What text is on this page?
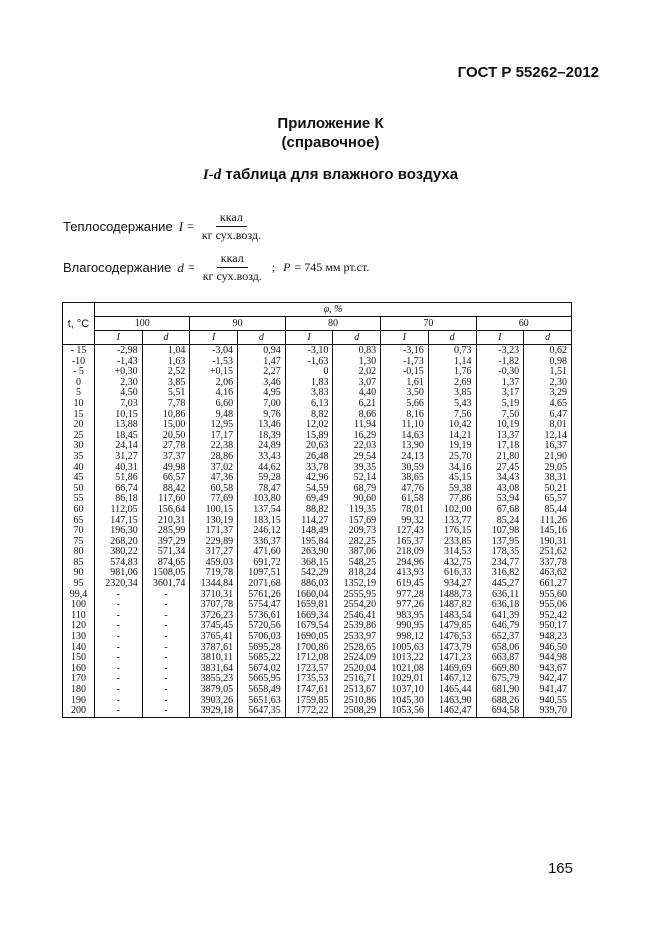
ГОСТ Р 55262–2012
Приложение К
(справочное)
I-d таблица для влажного воздуха
Теплосодержание $I = \frac{\text{ккал}}{\text{кг сух.возд.}}$
Влагосодержание $d = \frac{\text{ккал}}{\text{кг сух.возд.}}$ ; P = 745 мм рт.ст.
t, °C	φ, %									
	100		90		80		70		60	
	I	d	I	d	I	d	I	d	I	d
- 15	-2,98	1,04	-3,04	0,94	-3,10	0,83	-3,16	0,73	-3,23	0,62
-10	-1,43	1,63	-1,53	1,47	-1,63	1,30	-1,73	1,14	-1,82	0,98
- 5	+0,30	2,52	+0,15	2,27	0	2,02	-0,15	1,76	-0,30	1,51
0	2,30	3,85	2,06	3,46	1,83	3,07	1,61	2,69	1,37	2,30
5	4,50	5,51	4,16	4,95	3,83	4,40	3,50	3,85	3,17	3,29
10	7,03	7,78	6,60	7,00	6,13	6,21	5,66	5,43	5,19	4,65
15	10,15	10,86	9,48	9,76	8,82	8,66	8,16	7,56	7,50	6,47
20	13,88	15,00	12,95	13,46	12,02	11,94	11,10	10,42	10,19	8,01
25	18,45	20,50	17,17	18,39	15,89	16,29	14,63	14,21	13,37	12,14
30	24,14	27,78	22,38	24,89	20,63	22,03	13,90	19,19	17,18	16,37
35	31,27	37,37	28,86	33,43	26,48	29,54	24,13	25,70	21,80	21,90
40	40,31	49,98	37,02	44,62	33,78	39,35	30,59	34,16	27,45	29,05
45	51,86	66,57	47,36	59,28	42,96	52,14	38,65	45,15	34,43	38,31
50	66,74	88,42	60,58	78,47	54,59	68,79	47,76	59,38	43,08	50,21
55	86,18	117,60	77,69	103,80	69,49	90,60	61,58	77,86	53,94	65,57
60	112,05	156,64	100,15	137,54	88,82	119,35	78,01	102,00	67,68	85,44
65	147,15	210,31	130,19	183,15	114,27	157,69	99,32	133,77	85,24	111,26
70	196,30	285,99	171,37	246,12	148,49	209,73	127,43	176,15	107,98	145,16
75	268,20	397,29	229,89	336,37	195,84	282,25	165,37	233,85	137,95	190,31
80	380,22	571,34	317,27	471,60	263,90	387,06	218,09	314,53	178,35	251,62
85	574,83	874,65	459,03	691,72	368,15	548,25	294,96	432,75	234,77	337,78
90	981,06	1508,05	719,78	1097,51	542,29	818,24	413,93	616,33	316,82	463,62
95	2320,34	3601,74	1344,84	2071,68	886,03	1352,19	619,45	934,27	445,27	661,27
99,4	-	-	3710,31	5761,26	1660,04	2555,95	977,28	1488,73	636,11	955,60
100	-	-	3707,78	5754,47	1659,81	2554,20	977,26	1487,82	636,18	955,06
110	-	-	3726,23	5736,61	1669,34	2546,41	983,95	1483,54	641,39	952,42
120	-	-	3745,45	5720,56	1679,54	2539,86	990,95	1479,85	646,79	950,17
130	-	-	3765,41	5706,03	1690,05	2533,97	998,12	1476,53	652,37	948,23
140	-	-	3787,61	5695,28	1700,86	2528,65	1005,63	1473,79	658,06	946,50
150	-	-	3810,11	5685,22	1712,08	2524,09	1013,22	1471,23	663,87	944,98
160	-	-	3831,64	5674,02	1723,57	2520,04	1021,08	1469,69	669,80	943,67
170	-	-	3855,23	5665,95	1735,53	2516,71	1029,01	1467,12	675,79	942,47
180	-	-	3879,05	5658,49	1747,61	2513,67	1037,10	1465,44	681,90	941,47
190	-	-	3903,26	5651,63	1759,85	2510,86	1045,30	1463,90	688,26	940,55
200	-	-	3929,18	5647,35	1772,22	2508,29	1053,56	1462,47	694,58	939,70
165
